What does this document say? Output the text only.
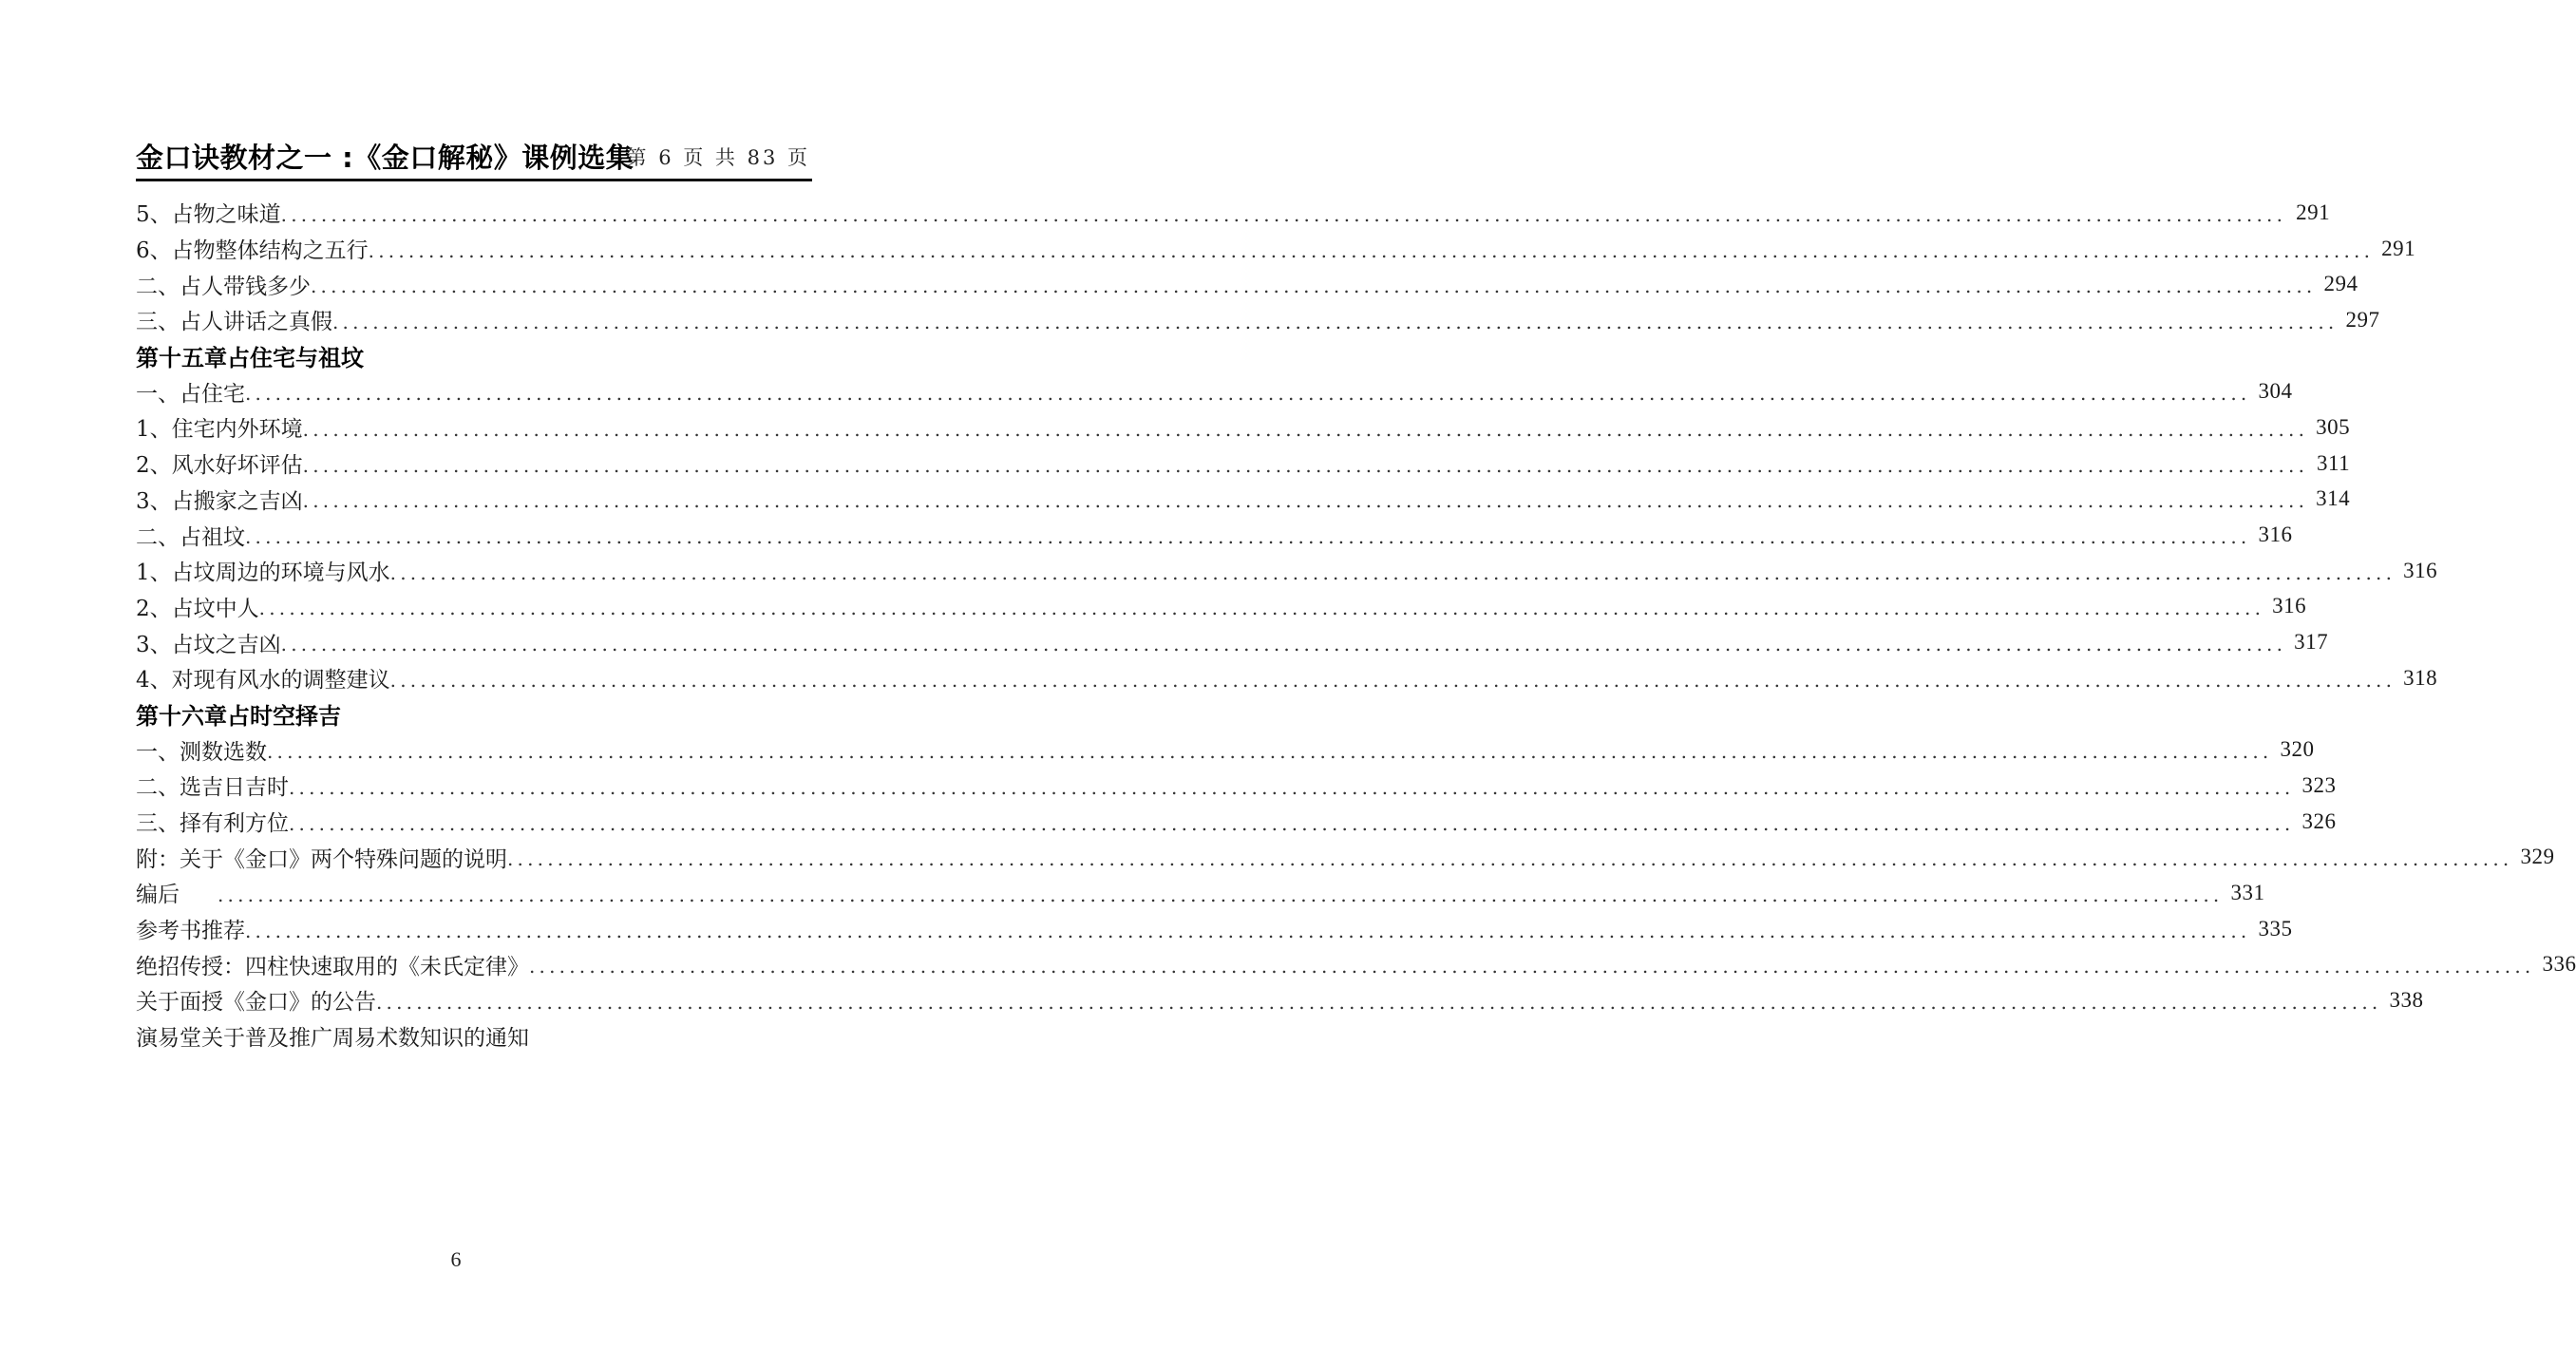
金口诀教材之一 :《金口解秘》课例选集
第 6 页 共 83 页
5、占物之味道 ........................................................................................................................................................................................................ 291
6、占物整体结构之五行 ........................................................................................................................................................................................................ 291
二、占人带钱多少 ........................................................................................................................................................................................................ 294
三、占人讲话之真假 ........................................................................................................................................................................................................ 297
第十五章占住宅与祖坟
一、占住宅 ........................................................................................................................................................................................................ 304
1、住宅内外环境 ........................................................................................................................................................................................................ 305
2、风水好坏评估 ........................................................................................................................................................................................................ 311
3、占搬家之吉凶 ........................................................................................................................................................................................................ 314
二、占祖坟 ........................................................................................................................................................................................................ 316
1、占坟周边的环境与风水 ........................................................................................................................................................................................................ 316
2、占坟中人 ........................................................................................................................................................................................................ 316
3、占坟之吉凶 ........................................................................................................................................................................................................ 317
4、对现有风水的调整建议 ........................................................................................................................................................................................................ 318
第十六章占时空择吉
一、测数选数 ........................................................................................................................................................................................................ 320
二、选吉日吉时 ........................................................................................................................................................................................................ 323
三、择有利方位 ........................................................................................................................................................................................................ 326
附：关于《金口》两个特殊问题的说明 ........................................................................................................................................................................................................ 329
编后 ........................................................................................................................................................................................................ 331
参考书推荐 ........................................................................................................................................................................................................ 335
绝招传授：四柱快速取用的《未氏定律》 ........................................................................................................................................................................................................ 336
关于面授《金口》的公告 ........................................................................................................................................................................................................ 338
演易堂关于普及推广周易术数知识的通知
6
